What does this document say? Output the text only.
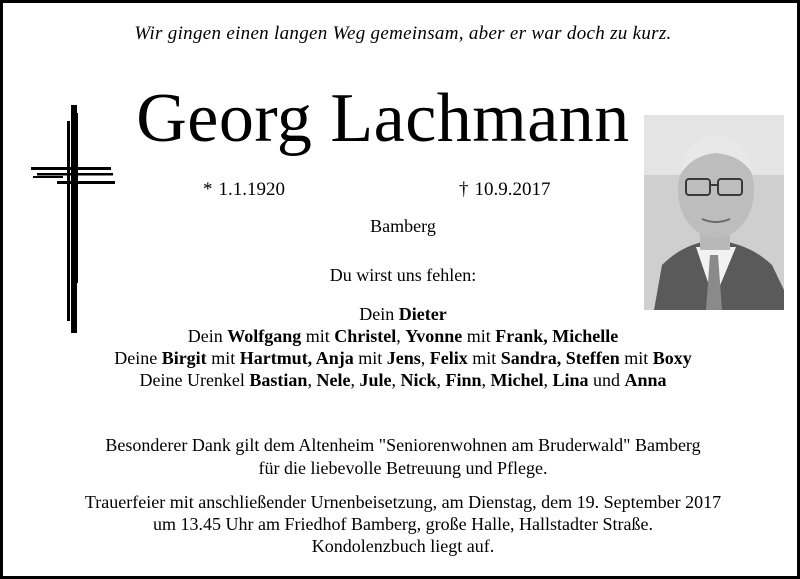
Wir gingen einen langen Weg gemeinsam, aber er war doch zu kurz.
Georg Lachmann
* 1.1.1920	† 10.9.2017
Bamberg
Du wirst uns fehlen:
Dein Dieter
Dein Wolfgang mit Christel, Yvonne mit Frank, Michelle
Deine Birgit mit Hartmut, Anja mit Jens, Felix mit Sandra, Steffen mit Boxy
Deine Urenkel Bastian, Nele, Jule, Nick, Finn, Michel, Lina und Anna
Besonderer Dank gilt dem Altenheim "Seniorenwohnen am Bruderwald" Bamberg
für die liebevolle Betreuung und Pflege.
Trauerfeier mit anschließender Urnenbeisetzung, am Dienstag, dem 19. September 2017
um 13.45 Uhr am Friedhof Bamberg, große Halle, Hallstadter Straße.
Kondolenzbuch liegt auf.
